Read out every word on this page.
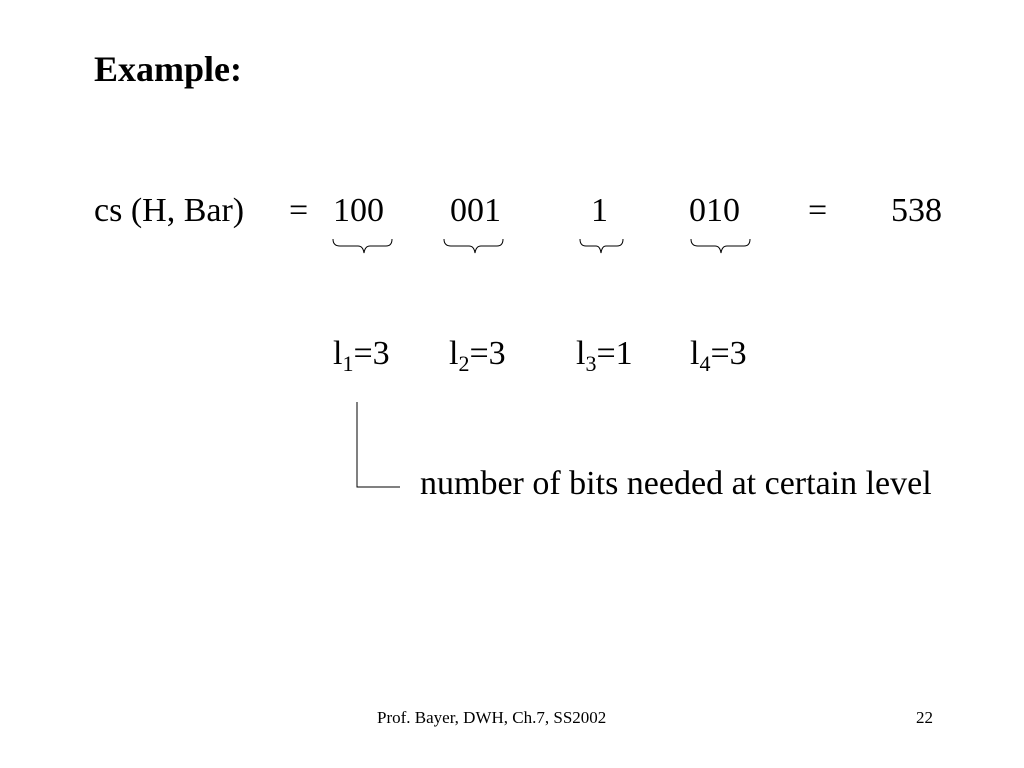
Example:
cs (H, Bar) = 100 001	1 010 = 538
$l_1=3$ $l_2=3$ $l_3=1$ $l_4=3$
number of bits needed at certain level
Prof. Bayer, DWH, Ch.7, SS2002	22
